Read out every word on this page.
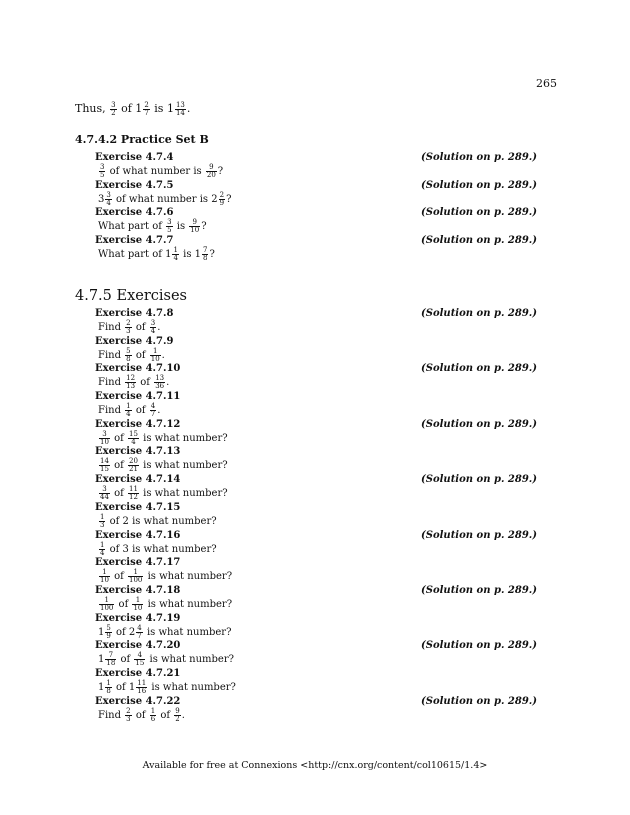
265
Thus, $\frac{3}{2}$ of $1 \frac{2}{7}$ is $1 \frac{13}{14}$ .
4.7.4.2 Practice Set B
Exercise 4.7.4	(Solution on p. 289.)
$\frac{3}{5}$ of what number is $\frac{9}{20}$ ?
Exercise 4.7.5	(Solution on p. 289.)
$3 \frac{3}{4}$ of what number is $2 \frac{2}{9}$ ?
Exercise 4.7.6	(Solution on p. 289.)
What part of $\frac{3}{5}$ is $\frac{9}{10}$ ?
Exercise 4.7.7	(Solution on p. 289.)
What part of $1 \frac{1}{4}$ is $1 \frac{7}{8}$ ?
4.7.5 Exercises
Exercise 4.7.8	(Solution on p. 289.)
Find $\frac{2}{3}$ of $\frac{3}{4}$ .
Exercise 4.7.9
Find $\frac{5}{8}$ of $\frac{1}{10}$ .
Exercise 4.7.10	(Solution on p. 289.)
Find $\frac{12}{13}$ of $\frac{13}{36}$ .
Exercise 4.7.11
Find $\frac{1}{4}$ of $\frac{4}{7}$ .
Exercise 4.7.12	(Solution on p. 289.)
$\frac{3}{10}$ of $\frac{15}{4}$ is what number?
Exercise 4.7.13
$\frac{14}{15}$ of $\frac{20}{21}$ is what number?
Exercise 4.7.14	(Solution on p. 289.)
$\frac{3}{44}$ of $\frac{11}{12}$ is what number?
Exercise 4.7.15
$\frac{1}{3}$ of 2 is what number?
Exercise 4.7.16	(Solution on p. 289.)
$\frac{1}{4}$ of 3 is what number?
Exercise 4.7.17
$\frac{1}{10}$ of $\frac{1}{100}$ is what number?
Exercise 4.7.18	(Solution on p. 289.)
$\frac{1}{100}$ of $\frac{1}{10}$ is what number?
Exercise 4.7.19
$1 \frac{5}{9}$ of $2 \frac{4}{7}$ is what number?
Exercise 4.7.20	(Solution on p. 289.)
$1 \frac{7}{18}$ of $\frac{4}{15}$ is what number?
Exercise 4.7.21
$1 \frac{1}{8}$ of $1 \frac{11}{16}$ is what number?
Exercise 4.7.22	(Solution on p. 289.)
Find $\frac{2}{3}$ of $\frac{1}{6}$ of $\frac{9}{2}$ .
Available for free at Connexions <http://cnx.org/content/col10615/1.4>
